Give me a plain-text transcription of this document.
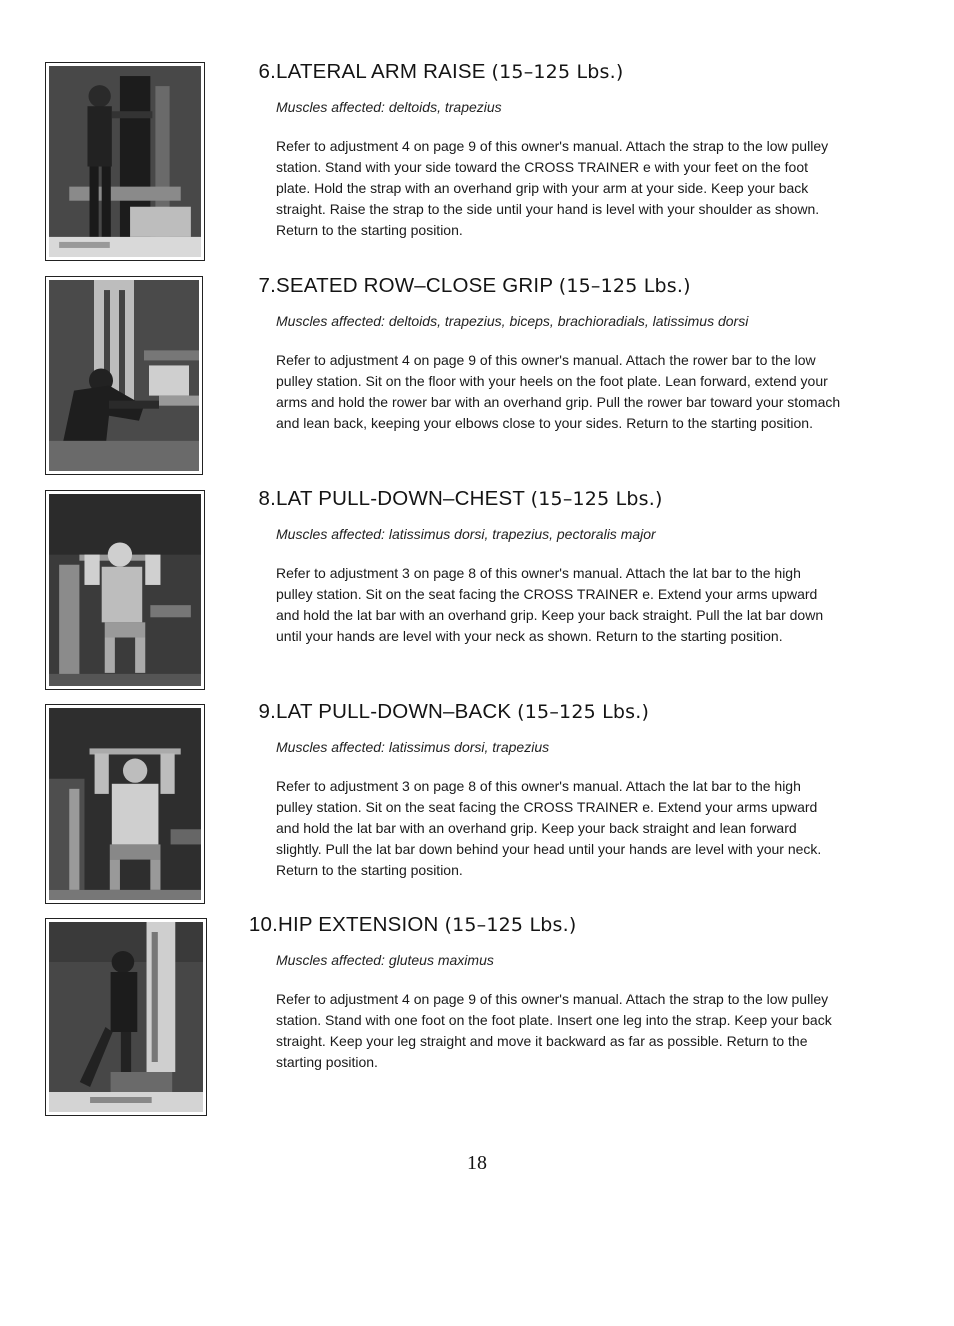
6. LATERAL ARM RAISE (15–125 Lbs.)
Muscles affected: deltoids, trapezius
Refer to adjustment 4 on page 9 of this owner's manual. Attach the strap to the low pulley station. Stand with your side toward the CROSS TRAINER e with your feet on the foot plate. Hold the strap with an overhand grip with your arm at your side. Keep your back straight. Raise the strap to the side until your hand is level with your shoulder as shown. Return to the starting position.
7. SEATED ROW–CLOSE GRIP (15–125 Lbs.)
Muscles affected: deltoids, trapezius, biceps, brachioradials, latissimus dorsi
Refer to adjustment 4 on page 9 of this owner's manual. Attach the rower bar to the low pulley station. Sit on the floor with your heels on the foot plate. Lean forward, extend your arms and hold the rower bar with an overhand grip. Pull the rower bar toward your stomach and lean back, keeping your elbows close to your sides. Return to the starting position.
8. LAT PULL-DOWN–CHEST (15–125 Lbs.)
Muscles affected: latissimus dorsi, trapezius, pectoralis major
Refer to adjustment 3 on page 8 of this owner's manual. Attach the lat bar to the high pulley station. Sit on the seat facing the CROSS TRAINER e. Extend your arms upward and hold the lat bar with an overhand grip. Keep your back straight. Pull the lat bar down until your hands are level with your neck as shown. Return to the starting position.
9. LAT PULL-DOWN–BACK (15–125 Lbs.)
Muscles affected: latissimus dorsi, trapezius
Refer to adjustment 3 on page 8 of this owner's manual. Attach the lat bar to the high pulley station. Sit on the seat facing the CROSS TRAINER e. Extend your arms upward and hold the lat bar with an overhand grip. Keep your back straight and lean forward slightly. Pull the lat bar down behind your head until your hands are level with your neck. Return to the starting position.
10. HIP EXTENSION (15–125 Lbs.)
Muscles affected: gluteus maximus
Refer to adjustment 4 on page 9 of this owner's manual. Attach the strap to the low pulley station. Stand with one foot on the foot plate. Insert one leg into the strap. Keep your back straight. Keep your leg straight and move it backward as far as possible. Return to the starting position.
18
